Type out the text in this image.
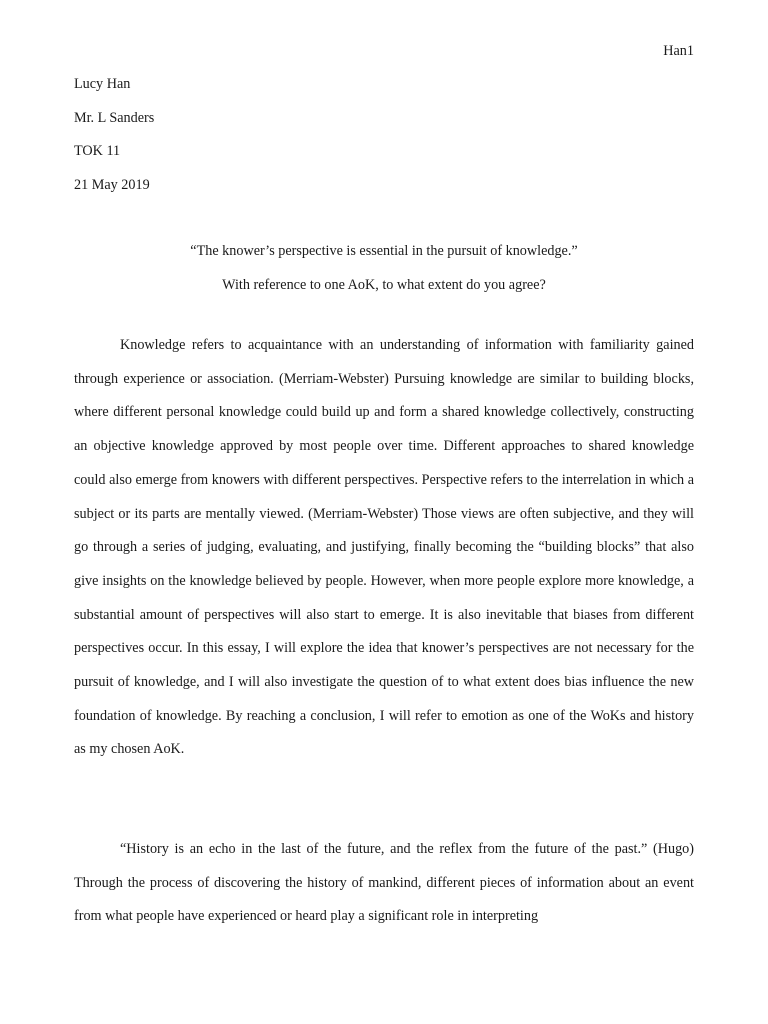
Han1
Lucy Han
Mr. L Sanders
TOK 11
21 May 2019
“The knower’s perspective is essential in the pursuit of knowledge.”
With reference to one AoK, to what extent do you agree?

Knowledge refers to acquaintance with an understanding of information with familiarity gained through experience or association. (Merriam-Webster) Pursuing knowledge are similar to building blocks, where different personal knowledge could build up and form a shared knowledge collectively, constructing an objective knowledge approved by most people over time. Different approaches to shared knowledge could also emerge from knowers with different perspectives. Perspective refers to the interrelation in which a subject or its parts are mentally viewed. (Merriam-Webster) Those views are often subjective, and they will go through a series of judging, evaluating, and justifying, finally becoming the “building blocks” that also give insights on the knowledge believed by people. However, when more people explore more knowledge, a substantial amount of perspectives will also start to emerge. It is also inevitable that biases from different perspectives occur. In this essay, I will explore the idea that knower’s perspectives are not necessary for the pursuit of knowledge, and I will also investigate the question of to what extent does bias influence the new foundation of knowledge. By reaching a conclusion, I will refer to emotion as one of the WoKs and history as my chosen AoK.

“History is an echo in the last of the future, and the reflex from the future of the past.” (Hugo) Through the process of discovering the history of mankind, different pieces of information about an event from what people have experienced or heard play a significant role in interpreting
